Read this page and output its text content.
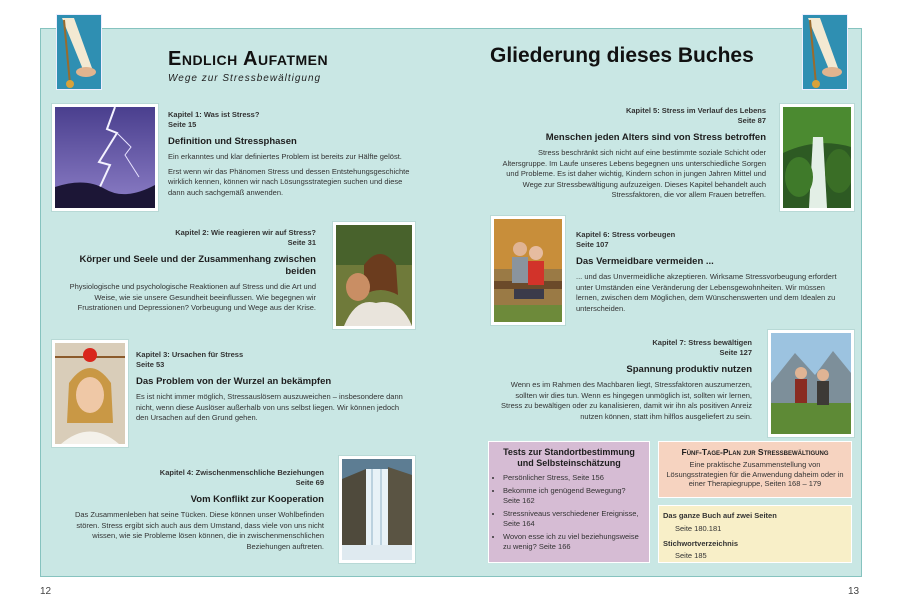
Endlich Aufatmen
Wege zur Stressbewältigung
Gliederung dieses Buches
Kapitel 1: Was ist Stress?
Seite 15
Definition und Stressphasen
Ein erkanntes und klar definiertes Problem ist bereits zur Hälfte gelöst.
Erst wenn wir das Phänomen Stress und dessen Entstehungsgeschichte wirklich kennen, können wir nach Lösungsstrategien suchen und diese dann auch sachgemäß anwenden.
Kapitel 2: Wie reagieren wir auf Stress?
Seite 31
Körper und Seele und der Zusammenhang zwischen beiden
Physiologische und psychologische Reaktionen auf Stress und die Art und Weise, wie sie unsere Gesundheit beeinflussen. Wie begegnen wir Frustrationen und Depressionen? Vorbeugung und Wege aus der Krise.
Kapitel 3: Ursachen für Stress
Seite 53
Das Problem von der Wurzel an bekämpfen
Es ist nicht immer möglich, Stressauslösern auszuweichen – insbesondere dann nicht, wenn diese Auslöser außerhalb von uns selbst liegen. Wir können jedoch den Ursachen auf den Grund gehen.
Kapitel 4: Zwischenmenschliche Beziehungen
Seite 69
Vom Konflikt zur Kooperation
Das Zusammenleben hat seine Tücken. Diese können unser Wohlbefinden stören. Stress ergibt sich auch aus dem Umstand, dass viele von uns nicht wissen, wie sie Probleme lösen können, die in zwischenmenschlichen Beziehungen auftreten.
Kapitel 5: Stress im Verlauf des Lebens
Seite 87
Menschen jeden Alters sind von Stress betroffen
Stress beschränkt sich nicht auf eine bestimmte soziale Schicht oder Altersgruppe. Im Laufe unseres Lebens begegnen uns unterschiedliche Sorgen und Probleme. Es ist daher wichtig, Kindern schon in jungen Jahren Mittel und Wege zur Stressbewältigung aufzuzeigen. Dieses Kapitel behandelt auch Stressfaktoren, die vor allem Frauen betreffen.
Kapitel 6: Stress vorbeugen
Seite 107
Das Vermeidbare vermeiden ...
... und das Unvermeidliche akzeptieren. Wirksame Stressvorbeugung erfordert unter Umständen eine Veränderung der Lebensgewohnheiten. Wir müssen lernen, zwischen dem Möglichen, dem Wünschenswerten und dem Idealen zu unterscheiden.
Kapitel 7: Stress bewältigen
Seite 127
Spannung produktiv nutzen
Wenn es im Rahmen des Machbaren liegt, Stressfaktoren auszumerzen, sollten wir dies tun. Wenn es hingegen unmöglich ist, sollten wir lernen, Stress zu bewältigen oder zu kanalisieren, damit wir ihn als positiven Anreiz nutzen können, statt ihm hilflos ausgeliefert zu sein.
Tests zur Standortbestimmung und Selbsteinschätzung
• Persönlicher Stress, Seite 156
• Bekomme ich genügend Bewegung? Seite 162
• Stressniveaus verschiedener Ereignisse, Seite 164
• Wovon esse ich zu viel beziehungsweise zu wenig? Seite 166
Fünf-Tage-Plan zur Stressbewältigung
Eine praktische Zusammenstellung von Lösungsstrategien für die Anwendung daheim oder in einer Therapiegruppe, Seiten 168 – 179
Das ganze Buch auf zwei Seiten
Seite 180.181
Stichwortverzeichnis
Seite 185
12	13
